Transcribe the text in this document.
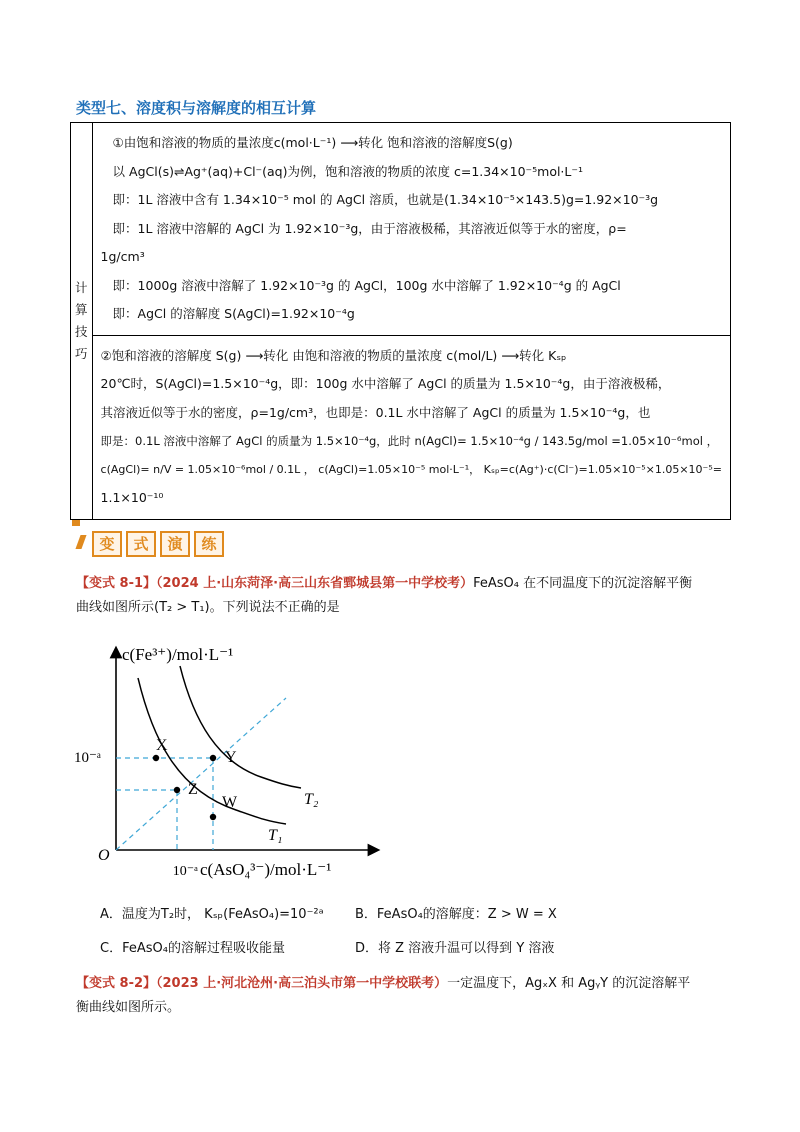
类型七、溶度积与溶解度的相互计算
计算
技巧

①由饱和溶液的物质的量浓度c(mol·L⁻¹) ⟶转化 饱和溶液的溶解度S(g)
以 AgCl(s)⇌Ag⁺(aq)+Cl⁻(aq)为例，饱和溶液的物质的浓度 c=1.34×10⁻⁵mol·L⁻¹
即：1L 溶液中含有 1.34×10⁻⁵ mol 的 AgCl 溶质，也就是(1.34×10⁻⁵×143.5)g=1.92×10⁻³g
即：1L 溶液中溶解的 AgCl 为 1.92×10⁻³g，由于溶液极稀，其溶液近似等于水的密度，ρ=
1g/cm³
即：1000g 溶液中溶解了 1.92×10⁻³g 的 AgCl，100g 水中溶解了 1.92×10⁻⁴g 的 AgCl
即：AgCl 的溶解度 S(AgCl)=1.92×10⁻⁴g

②饱和溶液的溶解度 S(g) ⟶转化 由饱和溶液的物质的量浓度 c(mol/L) ⟶转化 Kₛₚ
20℃时，S(AgCl)=1.5×10⁻⁴g，即：100g 水中溶解了 AgCl 的质量为 1.5×10⁻⁴g，由于溶液极稀，
其溶液近似等于水的密度，ρ=1g/cm³，也即是：0.1L 水中溶解了 AgCl 的质量为 1.5×10⁻⁴g，也
即是：0.1L 溶液中溶解了 AgCl 的质量为 1.5×10⁻⁴g，此时 n(AgCl)= 1.5×10⁻⁴g / 143.5g/mol =1.05×10⁻⁶mol ，
c(AgCl)= n/V = 1.05×10⁻⁶mol / 0.1L ， c(AgCl)=1.05×10⁻⁵ mol·L⁻¹， Kₛₚ=c(Ag⁺)·c(Cl⁻)=1.05×10⁻⁵×1.05×10⁻⁵=
1.1×10⁻¹⁰
变 式 演 练
【变式 8-1】（2024 上·山东菏泽·高三山东省鄄城县第一中学校考）FeAsO₄ 在不同温度下的沉淀溶解平衡
曲线如图所示(T₂ > T₁)。下列说法不正确的是
c(Fe³⁺)/mol·L⁻¹
c(AsO₄³⁻)/mol·L⁻¹
10⁻ᵃ
10⁻ᵃ
O
X
Y
Z
W	T₂
T₁
A．温度为T₂时， Kₛₚ(FeAsO₄)=10⁻²ᵃ B．FeAsO₄的溶解度：Z > W = X
C．FeAsO₄的溶解过程吸收能量	D．将 Z 溶液升温可以得到 Y 溶液
【变式 8-2】（2023 上·河北沧州·高三泊头市第一中学校联考）一定温度下，AgₓX 和 AgᵧY 的沉淀溶解平
衡曲线如图所示。
